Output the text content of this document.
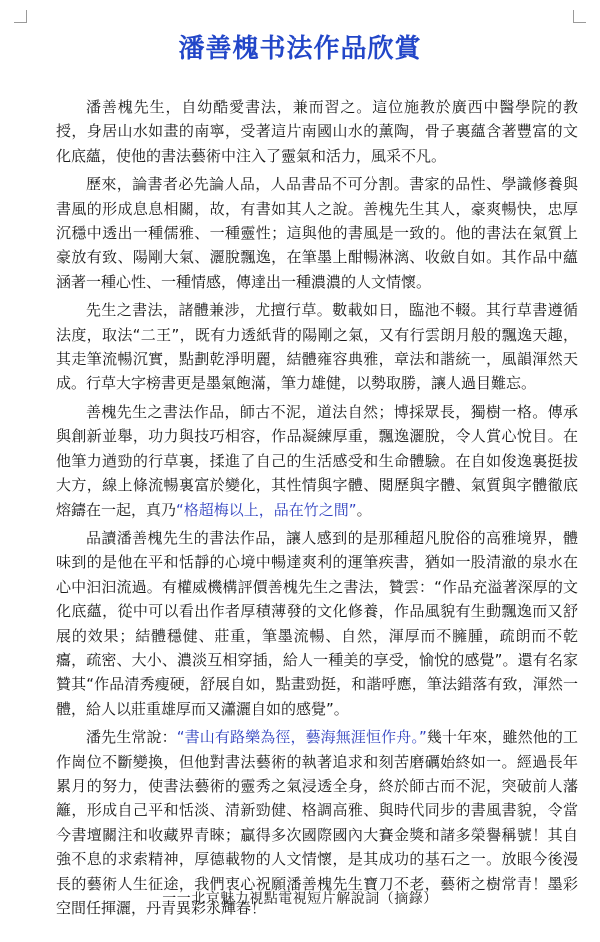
潘善槐书法作品欣賞

潘善槐先生，自幼酷愛書法，兼而習之。這位施教於廣西中醫學院的教授，身居山水如畫的南寧，受著這片南國山水的薰陶，骨子裏蘊含著豐富的文化底蘊，使他的書法藝術中注入了靈氣和活力，風采不凡。

歷來，論書者必先論人品，人品書品不可分割。書家的品性、學識修養與書風的形成息息相關，故，有書如其人之說。善槐先生其人，豪爽暢快，忠厚沉穩中透出一種儒雅、一種靈性；這與他的書風是一致的。他的書法在氣質上豪放有致、陽剛大氣、灑脫飄逸，在筆墨上酣暢淋漓、收斂自如。其作品中蘊涵著一種心性、一種情感，傳達出一種濃濃的人文情懷。

先生之書法，諸體兼涉，尤擅行草。數載如日，臨池不輟。其行草書遵循法度，取法“二王”，既有力透紙背的陽剛之氣，又有行雲朗月般的飄逸天趣，其走筆流暢沉實，點劃乾淨明麗，結體雍容典雅，章法和諧統一，風韻渾然天成。行草大字榜書更是墨氣飽滿，筆力雄健，以勢取勝，讓人過目難忘。

善槐先生之書法作品，師古不泥，道法自然；博採眾長，獨樹一格。傳承與創新並舉，功力與技巧相容，作品凝練厚重，飄逸灑脫，令人賞心悅目。在他筆力遒勁的行草裏，揉進了自己的生活感受和生命體驗。在自如俊逸裏挺拔大方，線上條流暢裏富於變化，其性情與字體、閱歷與字體、氣質與字體徹底熔鑄在一起，真乃“格超梅以上，品在竹之間”。

品讀潘善槐先生的書法作品，讓人感到的是那種超凡脫俗的高雅境界，體味到的是他在平和恬靜的心境中暢達爽利的運筆疾書，猶如一股清澈的泉水在心中汩汩流過。有權威機構評價善槐先生之書法，贊雲：“作品充溢著深厚的文化底蘊，從中可以看出作者厚積薄發的文化修養，作品風貌有生動飄逸而又舒展的效果；結體穩健、莊重，筆墨流暢、自然，渾厚而不臃腫，疏朗而不乾癟，疏密、大小、濃淡互相穿插，給人一種美的享受，愉悅的感覺”。還有名家贊其“作品清秀瘦硬，舒展自如，點畫勁挺，和諧呼應，筆法錯落有致，渾然一體，給人以莊重雄厚而又瀟灑自如的感覺”。

潘先生常說：“書山有路樂為徑，藝海無涯恒作舟。”幾十年來，雖然他的工作崗位不斷變換，但他對書法藝術的執著追求和刻苦磨礪始終如一。經過長年累月的努力，使書法藝術的靈秀之氣浸透全身，終於師古而不泥，突破前人藩籬，形成自己平和恬淡、清新勁健、格調高雅、與時代同步的書風書貌，令當今書壇關注和收藏界青睞；贏得多次國際國內大賽金獎和諸多榮譽稱號！其自強不息的求索精神，厚德載物的人文情懷，是其成功的基石之一。放眼今後漫長的藝術人生征途，我們衷心祝願潘善槐先生寶刀不老，藝術之樹常青！墨彩空間任揮灑，丹青異彩永輝春！

一一北京魅力視點電視短片解說詞（摘錄）
